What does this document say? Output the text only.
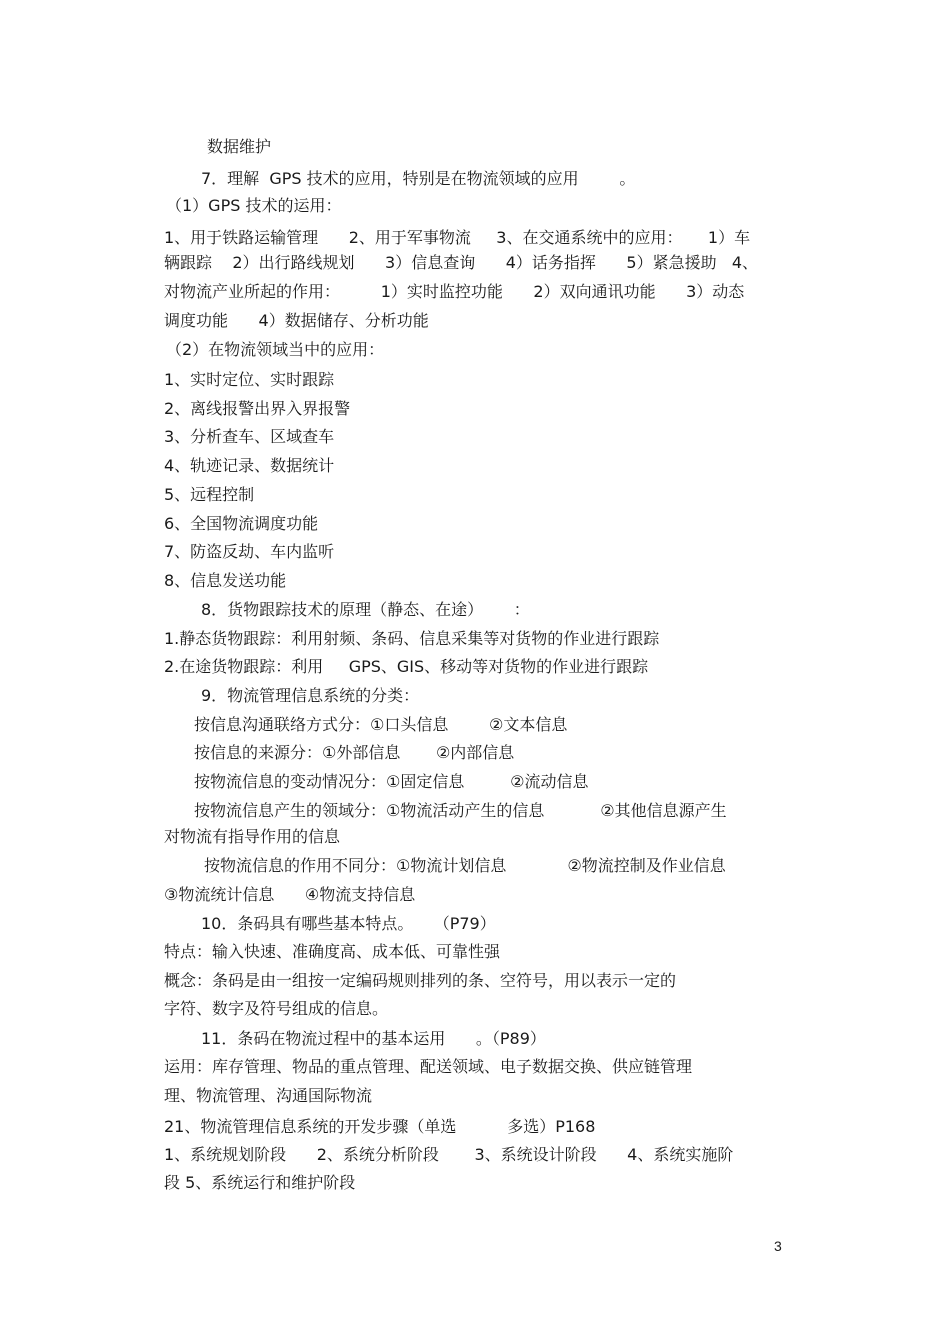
数据维护
7．理解  GPS 技术的应用，特别是在物流领域的应用        。
（1）GPS 技术的运用：
1、用于铁路运输管理      2、用于军事物流     3、在交通系统中的应用：     1）车
辆跟踪    2）出行路线规划      3）信息查询      4）话务指挥      5）紧急援助   4、
对物流产业所起的作用：        1）实时监控功能      2）双向通讯功能      3）动态
调度功能      4）数据储存、分析功能
（2）在物流领域当中的应用：
1、实时定位、实时跟踪
2、离线报警出界入界报警
3、分析查车、区域查车
4、轨迹记录、数据统计
5、远程控制
6、全国物流调度功能
7、防盗反劫、车内监听
8、信息发送功能
8．货物跟踪技术的原理（静态、在途）      ：
1.静态货物跟踪：利用射频、条码、信息采集等对货物的作业进行跟踪
2.在途货物跟踪：利用     GPS、GIS、移动等对货物的作业进行跟踪
9．物流管理信息系统的分类：
按信息沟通联络方式分：①口头信息        ②文本信息
按信息的来源分：①外部信息       ②内部信息
按物流信息的变动情况分：①固定信息         ②流动信息
按物流信息产生的领域分：①物流活动产生的信息           ②其他信息源产生
对物流有指导作用的信息
按物流信息的作用不同分：①物流计划信息            ②物流控制及作业信息
③物流统计信息      ④物流支持信息
10．条码具有哪些基本特点。    （P79）
特点：输入快速、准确度高、成本低、可靠性强
概念：条码是由一组按一定编码规则排列的条、空符号，用以表示一定的
字符、数字及符号组成的信息。
11．条码在物流过程中的基本运用      。（P89）
运用：库存管理、物品的重点管理、配送领域、电子数据交换、供应链管理
理、物流管理、沟通国际物流
21、物流管理信息系统的开发步骤（单选          多选）P168
1、系统规划阶段      2、系统分析阶段       3、系统设计阶段      4、系统实施阶
段 5、系统运行和维护阶段
3
